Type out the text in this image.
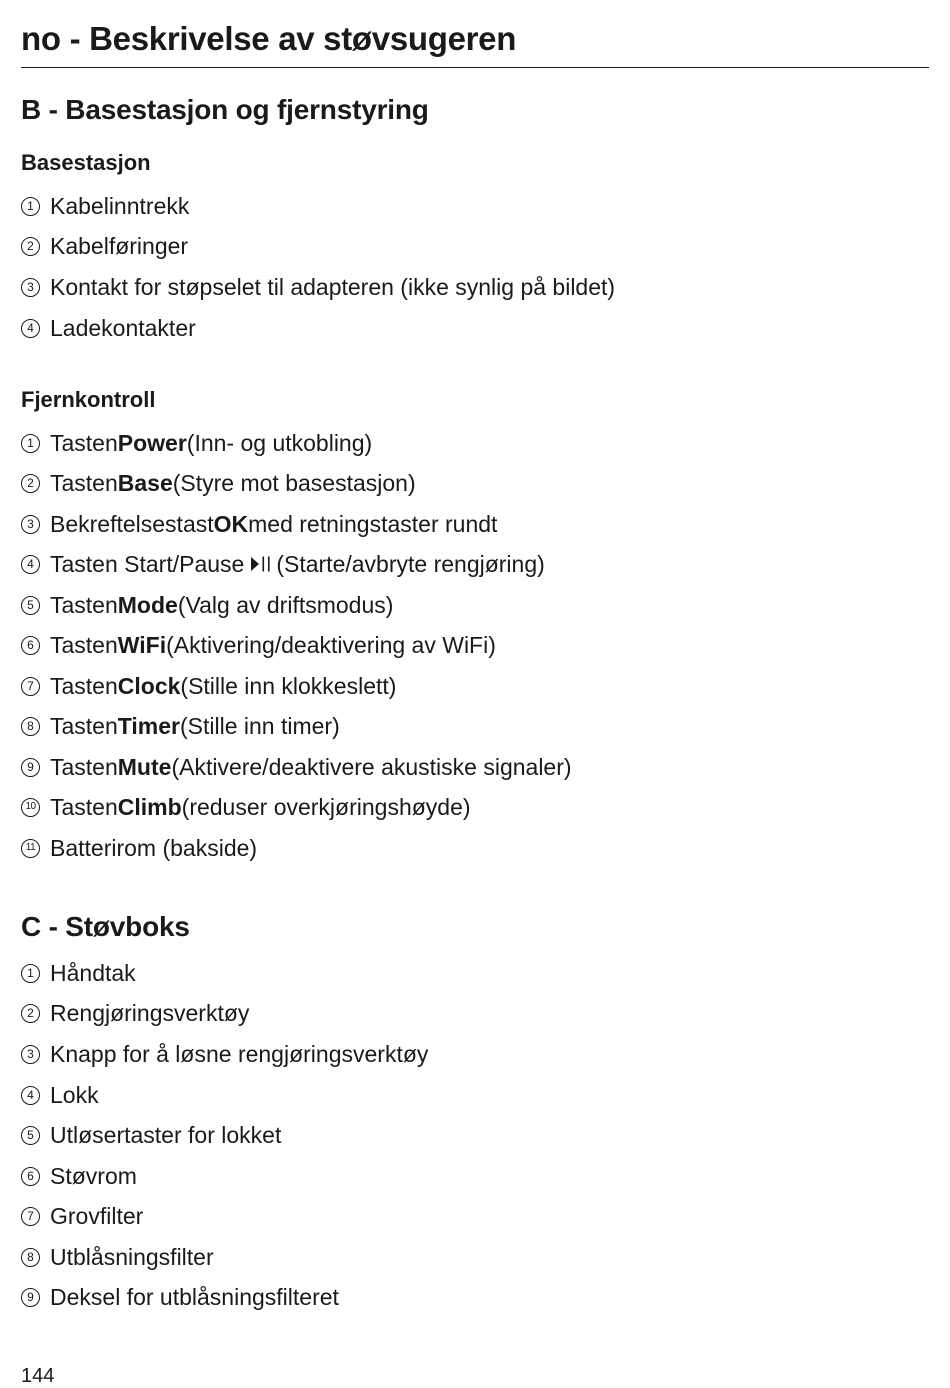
no - Beskrivelse av støvsugeren
B - Basestasjon og fjernstyring
Basestasjon
1 Kabelinntrekk
2 Kabelføringer
3 Kontakt for støpselet til adapteren (ikke synlig på bildet)
4 Ladekontakter
Fjernkontroll
1 Tasten Power (Inn- og utkobling)
2 Tasten Base (Styre mot basestasjon)
3 Bekreftelsestast OK med retningstaster rundt
4 Tasten Start/Pause (Starte/avbryte rengjøring)
5 Tasten Mode (Valg av driftsmodus)
6 Tasten WiFi (Aktivering/deaktivering av WiFi)
7 Tasten Clock (Stille inn klokkeslett)
8 Tasten Timer (Stille inn timer)
9 Tasten Mute (Aktivere/deaktivere akustiske signaler)
10 Tasten Climb (reduser overkjøringshøyde)
11 Batterirom (bakside)
C - Støvboks
1 Håndtak
2 Rengjøringsverktøy
3 Knapp for å løsne rengjøringsverktøy
4 Lokk
5 Utløsertaster for lokket
6 Støvrom
7 Grovfilter
8 Utblåsningsfilter
9 Deksel for utblåsningsfilteret

144
